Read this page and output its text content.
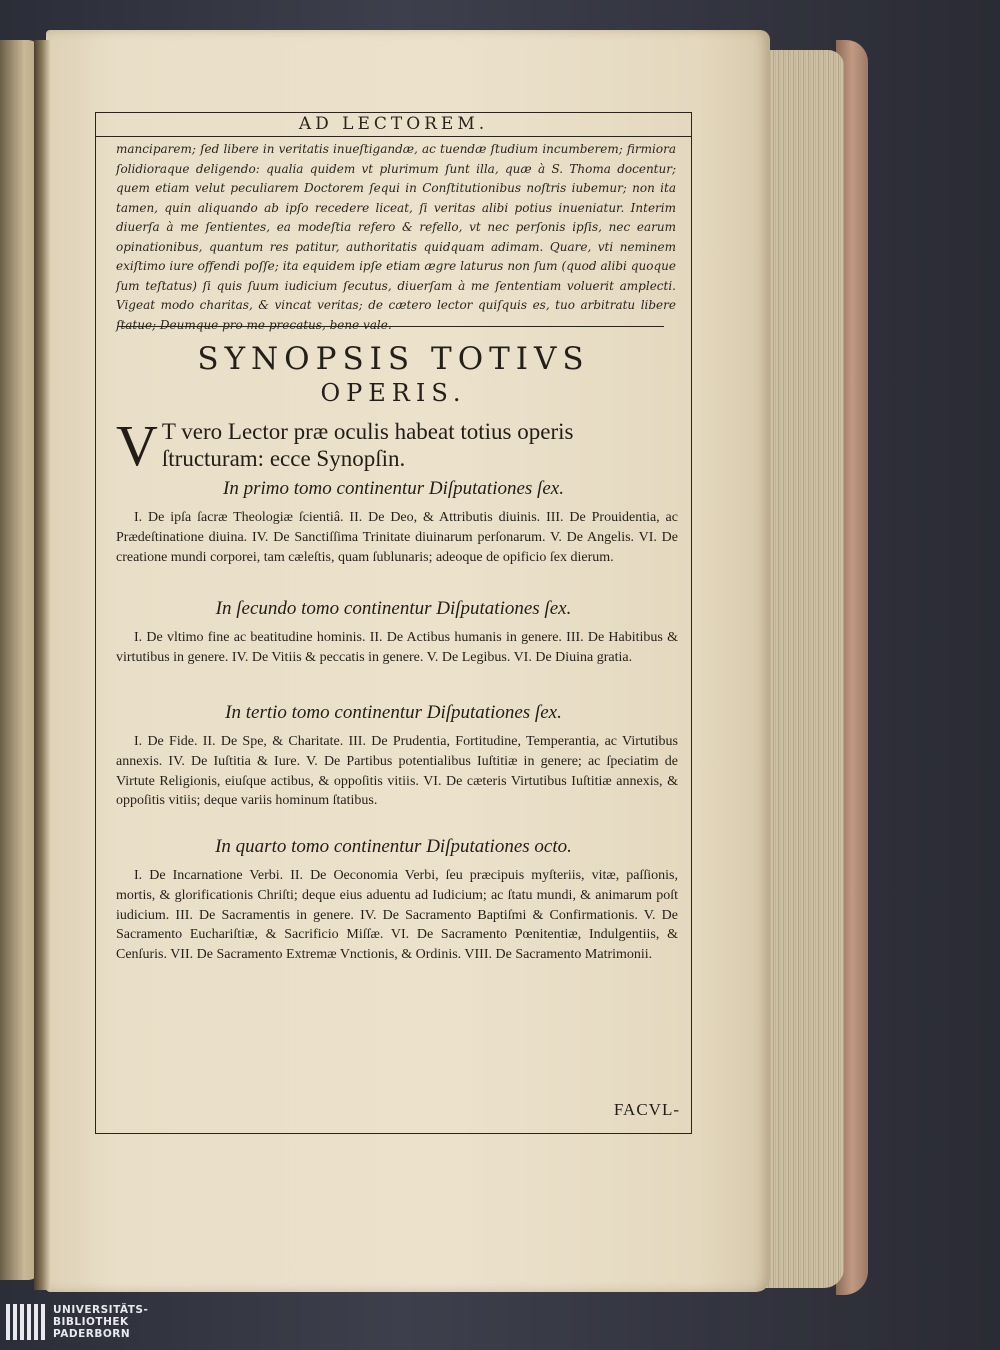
AD LECTOREM.
manciparem; ſed libere in veritatis inueſtigandæ, ac tuendæ ſtudium incumberem; firmiora ſolidioraque deligendo: qualia quidem vt plurimum ſunt illa, quæ à S. Thoma docentur; quem etiam velut peculiarem Doctorem ſequi in Conſtitutionibus noſtris iubemur; non ita tamen, quin aliquando ab ipſo recedere liceat, ſi veritas alibi potius inueniatur. Interim diuerſa à me ſentientes, ea modeſtia refero & refello, vt nec perſonis ipſis, nec earum opinationibus, quantum res patitur, authoritatis quidquam adimam. Quare, vti neminem exiſtimo iure offendi poſſe; ita equidem ipſe etiam ægre laturus non ſum (quod alibi quoque ſum teſtatus) ſi quis ſuum iudicium ſecutus, diuerſam à me ſententiam voluerit amplecti. Vigeat modo charitas, & vincat veritas; de cætero lector quiſquis es, tuo arbitratu libere ſtatue; Deumque pro me precatus, bene vale.
SYNOPSIS TOTIVS
OPERIS.
V T vero Lector præ oculis habeat totius operis ſtructuram: ecce Synopſin.
In primo tomo continentur Diſputationes ſex.
I. De ipſa ſacræ Theologiæ ſcientiâ. II. De Deo, & Attributis diuinis. III. De Prouidentia, ac Prædeſtinatione diuina. IV. De Sanctiſſima Trinitate diuinarum perſonarum. V. De Angelis. VI. De creatione mundi corporei, tam cæleſtis, quam ſublunaris; adeoque de opificio ſex dierum.
In ſecundo tomo continentur Diſputationes ſex.
I. De vltimo fine ac beatitudine hominis. II. De Actibus humanis in genere. III. De Habitibus & virtutibus in genere. IV. De Vitiis & peccatis in genere. V. De Legibus. VI. De Diuina gratia.
In tertio tomo continentur Diſputationes ſex.
I. De Fide. II. De Spe, & Charitate. III. De Prudentia, Fortitudine, Temperantia, ac Virtutibus annexis. IV. De Iuſtitia & Iure. V. De Partibus potentialibus Iuſtitiæ in genere; ac ſpeciatim de Virtute Religionis, eiuſque actibus, & oppoſitis vitiis. VI. De cæteris Virtutibus Iuſtitiæ annexis, & oppoſitis vitiis; deque variis hominum ſtatibus.
In quarto tomo continentur Diſputationes octo.
I. De Incarnatione Verbi. II. De Oeconomia Verbi, ſeu præcipuis myſteriis, vitæ, paſſionis, mortis, & glorificationis Chriſti; deque eius aduentu ad Iudicium; ac ſtatu mundi, & animarum poſt iudicium. III. De Sacramentis in genere. IV. De Sacramento Baptiſmi & Confirmationis. V. De Sacramento Euchariſtiæ, & Sacrificio Miſſæ. VI. De Sacramento Pœnitentiæ, Indulgentiis, & Cenſuris. VII. De Sacramento Extremæ Vnctionis, & Ordinis. VIII. De Sacramento Matrimonii.
FACVL-
UNIVERSITÄTS-
BIBLIOTHEK
PADERBORN
